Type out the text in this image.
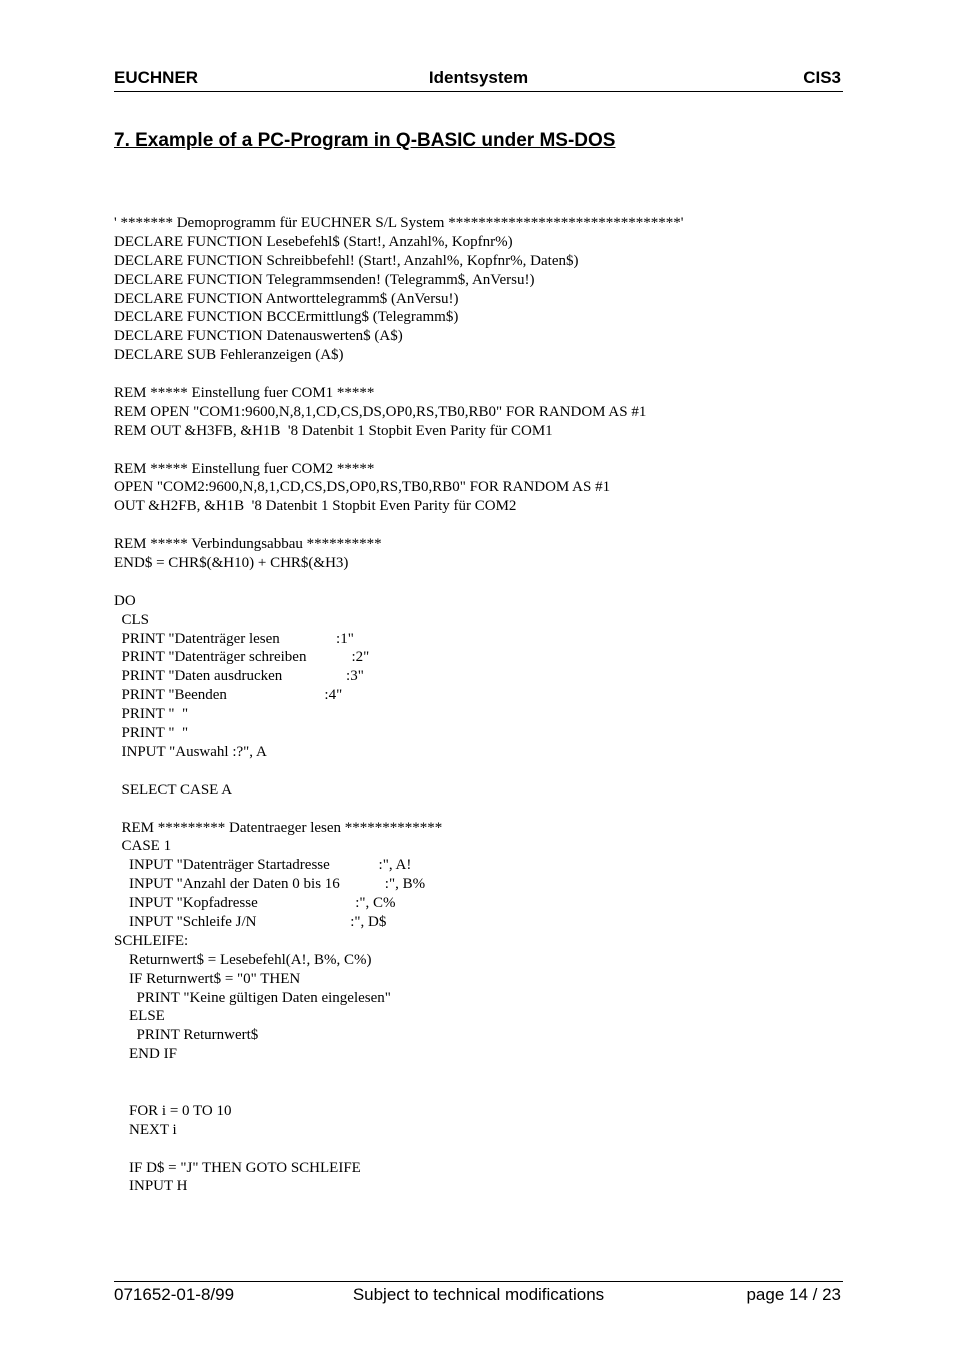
EUCHNER	Identsystem	CIS3
7. Example of a PC-Program in Q-BASIC under MS-DOS
' ******* Demoprogramm für EUCHNER S/L System *******************************'
DECLARE FUNCTION Lesebefehl$ (Start!, Anzahl%, Kopfnr%)
DECLARE FUNCTION Schreibbefehl! (Start!, Anzahl%, Kopfnr%, Daten$)
DECLARE FUNCTION Telegrammsenden! (Telegramm$, AnVersu!)
DECLARE FUNCTION Antworttelegramm$ (AnVersu!)
DECLARE FUNCTION BCCErmittlung$ (Telegramm$)
DECLARE FUNCTION Datenauswerten$ (A$)
DECLARE SUB Fehleranzeigen (A$)
REM ***** Einstellung fuer COM1 *****
REM OPEN "COM1:9600,N,8,1,CD,CS,DS,OP0,RS,TB0,RB0" FOR RANDOM AS #1
REM OUT &H3FB, &H1B  '8 Datenbit 1 Stopbit Even Parity für COM1
REM ***** Einstellung fuer COM2 *****
OPEN "COM2:9600,N,8,1,CD,CS,DS,OP0,RS,TB0,RB0" FOR RANDOM AS #1
OUT &H2FB, &H1B  '8 Datenbit 1 Stopbit Even Parity für COM2
REM ***** Verbindungsabbau **********
END$ = CHR$(&H10) + CHR$(&H3)
DO
CLS
PRINT "Datenträger lesen               :1"
PRINT "Datenträger schreiben            :2"
PRINT "Daten ausdrucken                 :3"
PRINT "Beenden                          :4"
PRINT "  "
PRINT "  "
INPUT "Auswahl :?", A
SELECT CASE A
REM ********* Datentraeger lesen *************
CASE 1
INPUT "Datenträger Startadresse             :", A!
INPUT "Anzahl der Daten 0 bis 16            :", B%
INPUT "Kopfadresse                          :", C%
INPUT "Schleife J/N                         :", D$
SCHLEIFE:
Returnwert$ = Lesebefehl(A!, B%, C%)
IF Returnwert$ = "0" THEN
PRINT "Keine gültigen Daten eingelesen"
ELSE
PRINT Returnwert$
END IF
FOR i = 0 TO 10
NEXT i
IF D$ = "J" THEN GOTO SCHLEIFE
INPUT H
071652-01-8/99	Subject to technical modifications	page 14 / 23
